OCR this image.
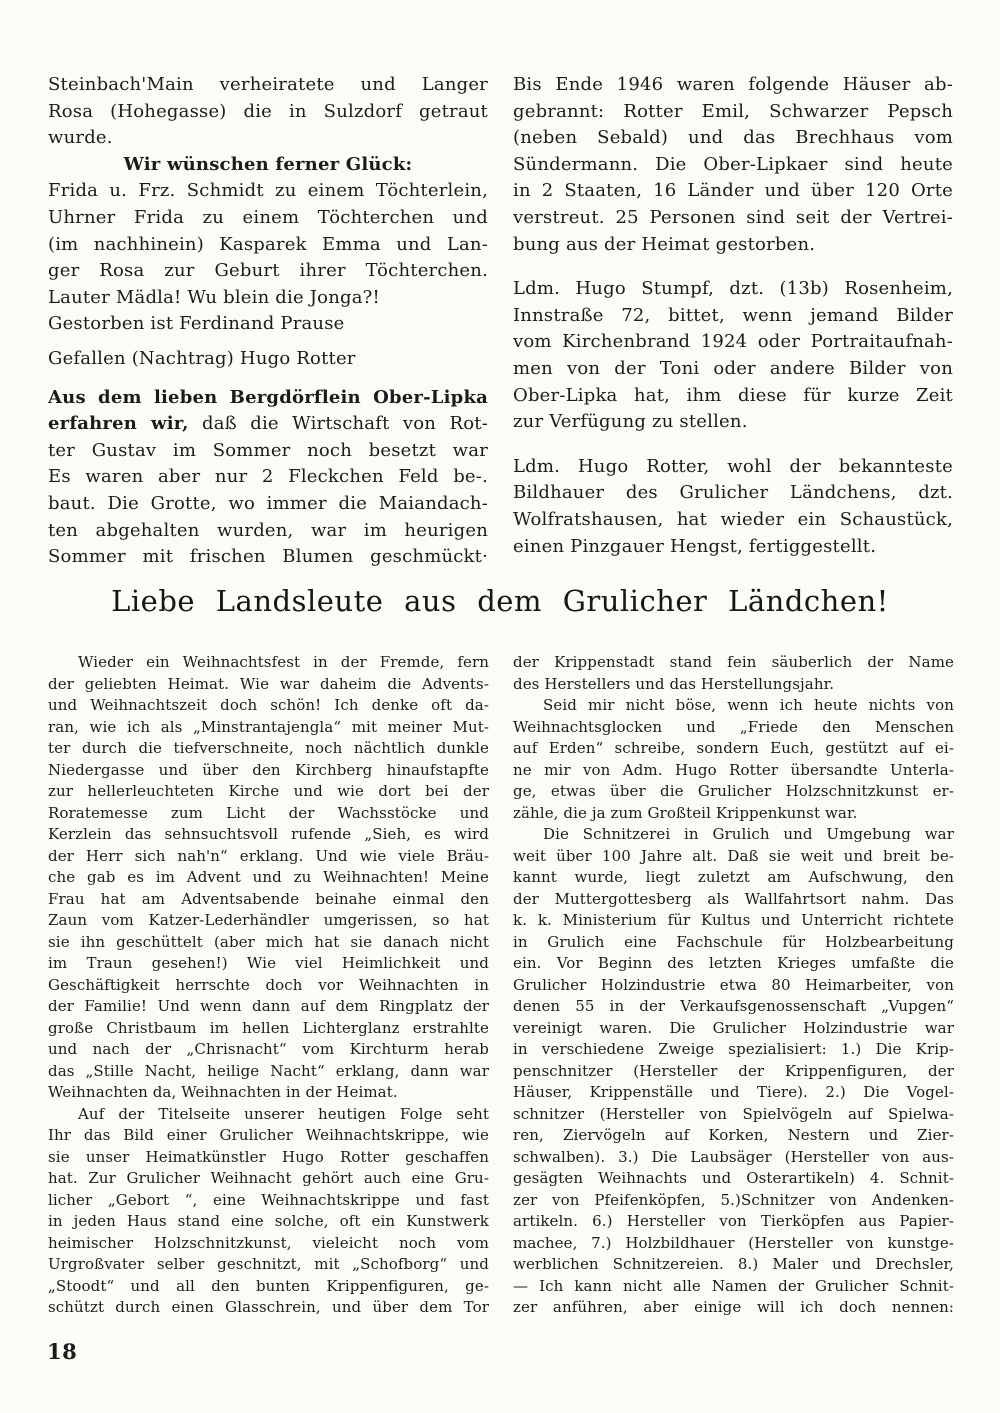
Steinbach'Main verheiratete und Langer
Rosa (Hohegasse) die in Sulzdorf getraut
wurde.
Wir wünschen ferner Glück:
Frida u. Frz. Schmidt zu einem Töchterlein,
Uhrner Frida zu einem Töchterchen und
(im nachhinein) Kasparek Emma und Lan-
ger Rosa zur Geburt ihrer Töchterchen.
Lauter Mädla! Wu blein die Jonga?!
Gestorben ist Ferdinand Prause
Gefallen (Nachtrag) Hugo Rotter
Aus dem lieben Bergdörflein Ober-Lipka
erfahren wir, daß die Wirtschaft von Rot-
ter Gustav im Sommer noch besetzt war
Es waren aber nur 2 Fleckchen Feld be-.
baut. Die Grotte, wo immer die Maiandach-
ten abgehalten wurden, war im heurigen
Sommer mit frischen Blumen geschmückt·
Bis Ende 1946 waren folgende Häuser ab-
gebrannt: Rotter Emil, Schwarzer Pepsch
(neben Sebald) und das Brechhaus vom
Sündermann. Die Ober-Lipkaer sind heute
in 2 Staaten, 16 Länder und über 120 Orte
verstreut. 25 Personen sind seit der Vertrei-
bung aus der Heimat gestorben.
Ldm. Hugo Stumpf, dzt. (13b) Rosenheim,
Innstraße 72, bittet, wenn jemand Bilder
vom Kirchenbrand 1924 oder Portraitaufnah-
men von der Toni oder andere Bilder von
Ober-Lipka hat, ihm diese für kurze Zeit
zur Verfügung zu stellen.
Ldm. Hugo Rotter, wohl der bekannteste
Bildhauer des Grulicher Ländchens, dzt.
Wolfratshausen, hat wieder ein Schaustück,
einen Pinzgauer Hengst, fertiggestellt.
Liebe Landsleute aus dem Grulicher Ländchen!
Wieder ein Weihnachtsfest in der Fremde, fern
der geliebten Heimat. Wie war daheim die Advents-
und Weihnachtszeit doch schön! Ich denke oft da-
ran, wie ich als „Minstrantajengla“ mit meiner Mut-
ter durch die tiefverschneite, noch nächtlich dunkle
Niedergasse und über den Kirchberg hinaufstapfte
zur hellerleuchteten Kirche und wie dort bei der
Roratemesse zum Licht der Wachsstöcke und
Kerzlein das sehnsuchtsvoll rufende „Sieh, es wird
der Herr sich nah'n“ erklang. Und wie viele Bräu-
che gab es im Advent und zu Weihnachten! Meine
Frau hat am Adventsabende beinahe einmal den
Zaun vom Katzer-Lederhändler umgerissen, so hat
sie ihn geschüttelt (aber mich hat sie danach nicht
im Traun gesehen!) Wie viel Heimlichkeit und
Geschäftigkeit herrschte doch vor Weihnachten in
der Familie! Und wenn dann auf dem Ringplatz der
große Christbaum im hellen Lichterglanz erstrahlte
und nach der „Chrisnacht“ vom Kirchturm herab
das „Stille Nacht, heilige Nacht“ erklang, dann war
Weihnachten da, Weihnachten in der Heimat.
Auf der Titelseite unserer heutigen Folge seht
Ihr das Bild einer Grulicher Weihnachtskrippe, wie
sie unser Heimatkünstler Hugo Rotter geschaffen
hat. Zur Grulicher Weihnacht gehört auch eine Gru-
licher „Gebort “, eine Weihnachtskrippe und fast
in jeden Haus stand eine solche, oft ein Kunstwerk
heimischer Holzschnitzkunst, vieleicht noch vom
Urgroßvater selber geschnitzt, mit „Schofborg“ und
„Stoodt“ und all den bunten Krippenfiguren, ge-
schützt durch einen Glasschrein, und über dem Tor
der Krippenstadt stand fein säuberlich der Name
des Herstellers und das Herstellungsjahr.
Seid mir nicht böse, wenn ich heute nichts von
Weihnachtsglocken und „Friede den Menschen
auf Erden“ schreibe, sondern Euch, gestützt auf ei-
ne mir von Adm. Hugo Rotter übersandte Unterla-
ge, etwas über die Grulicher Holzschnitzkunst er-
zähle, die ja zum Großteil Krippenkunst war.
Die Schnitzerei in Grulich und Umgebung war
weit über 100 Jahre alt. Daß sie weit und breit be-
kannt wurde, liegt zuletzt am Aufschwung, den
der Muttergottesberg als Wallfahrtsort nahm. Das
k. k. Ministerium für Kultus und Unterricht richtete
in Grulich eine Fachschule für Holzbearbeitung
ein. Vor Beginn des letzten Krieges umfaßte die
Grulicher Holzindustrie etwa 80 Heimarbeiter, von
denen 55 in der Verkaufsgenossenschaft „Vupgen“
vereinigt waren. Die Grulicher Holzindustrie war
in verschiedene Zweige spezialisiert: 1.) Die Krip-
penschnitzer (Hersteller der Krippenfiguren, der
Häuser, Krippenställe und Tiere). 2.) Die Vogel-
schnitzer (Hersteller von Spielvögeln auf Spielwa-
ren, Ziervögeln auf Korken, Nestern und Zier-
schwalben). 3.) Die Laubsäger (Hersteller von aus-
gesägten Weihnachts und Osterartikeln) 4. Schnit-
zer von Pfeifenköpfen, 5.)Schnitzer von Andenken-
artikeln. 6.) Hersteller von Tierköpfen aus Papier-
machee, 7.) Holzbildhauer (Hersteller von kunstge-
werblichen Schnitzereien. 8.) Maler und Drechsler,
— Ich kann nicht alle Namen der Grulicher Schnit-
zer anführen, aber einige will ich doch nennen:
18
